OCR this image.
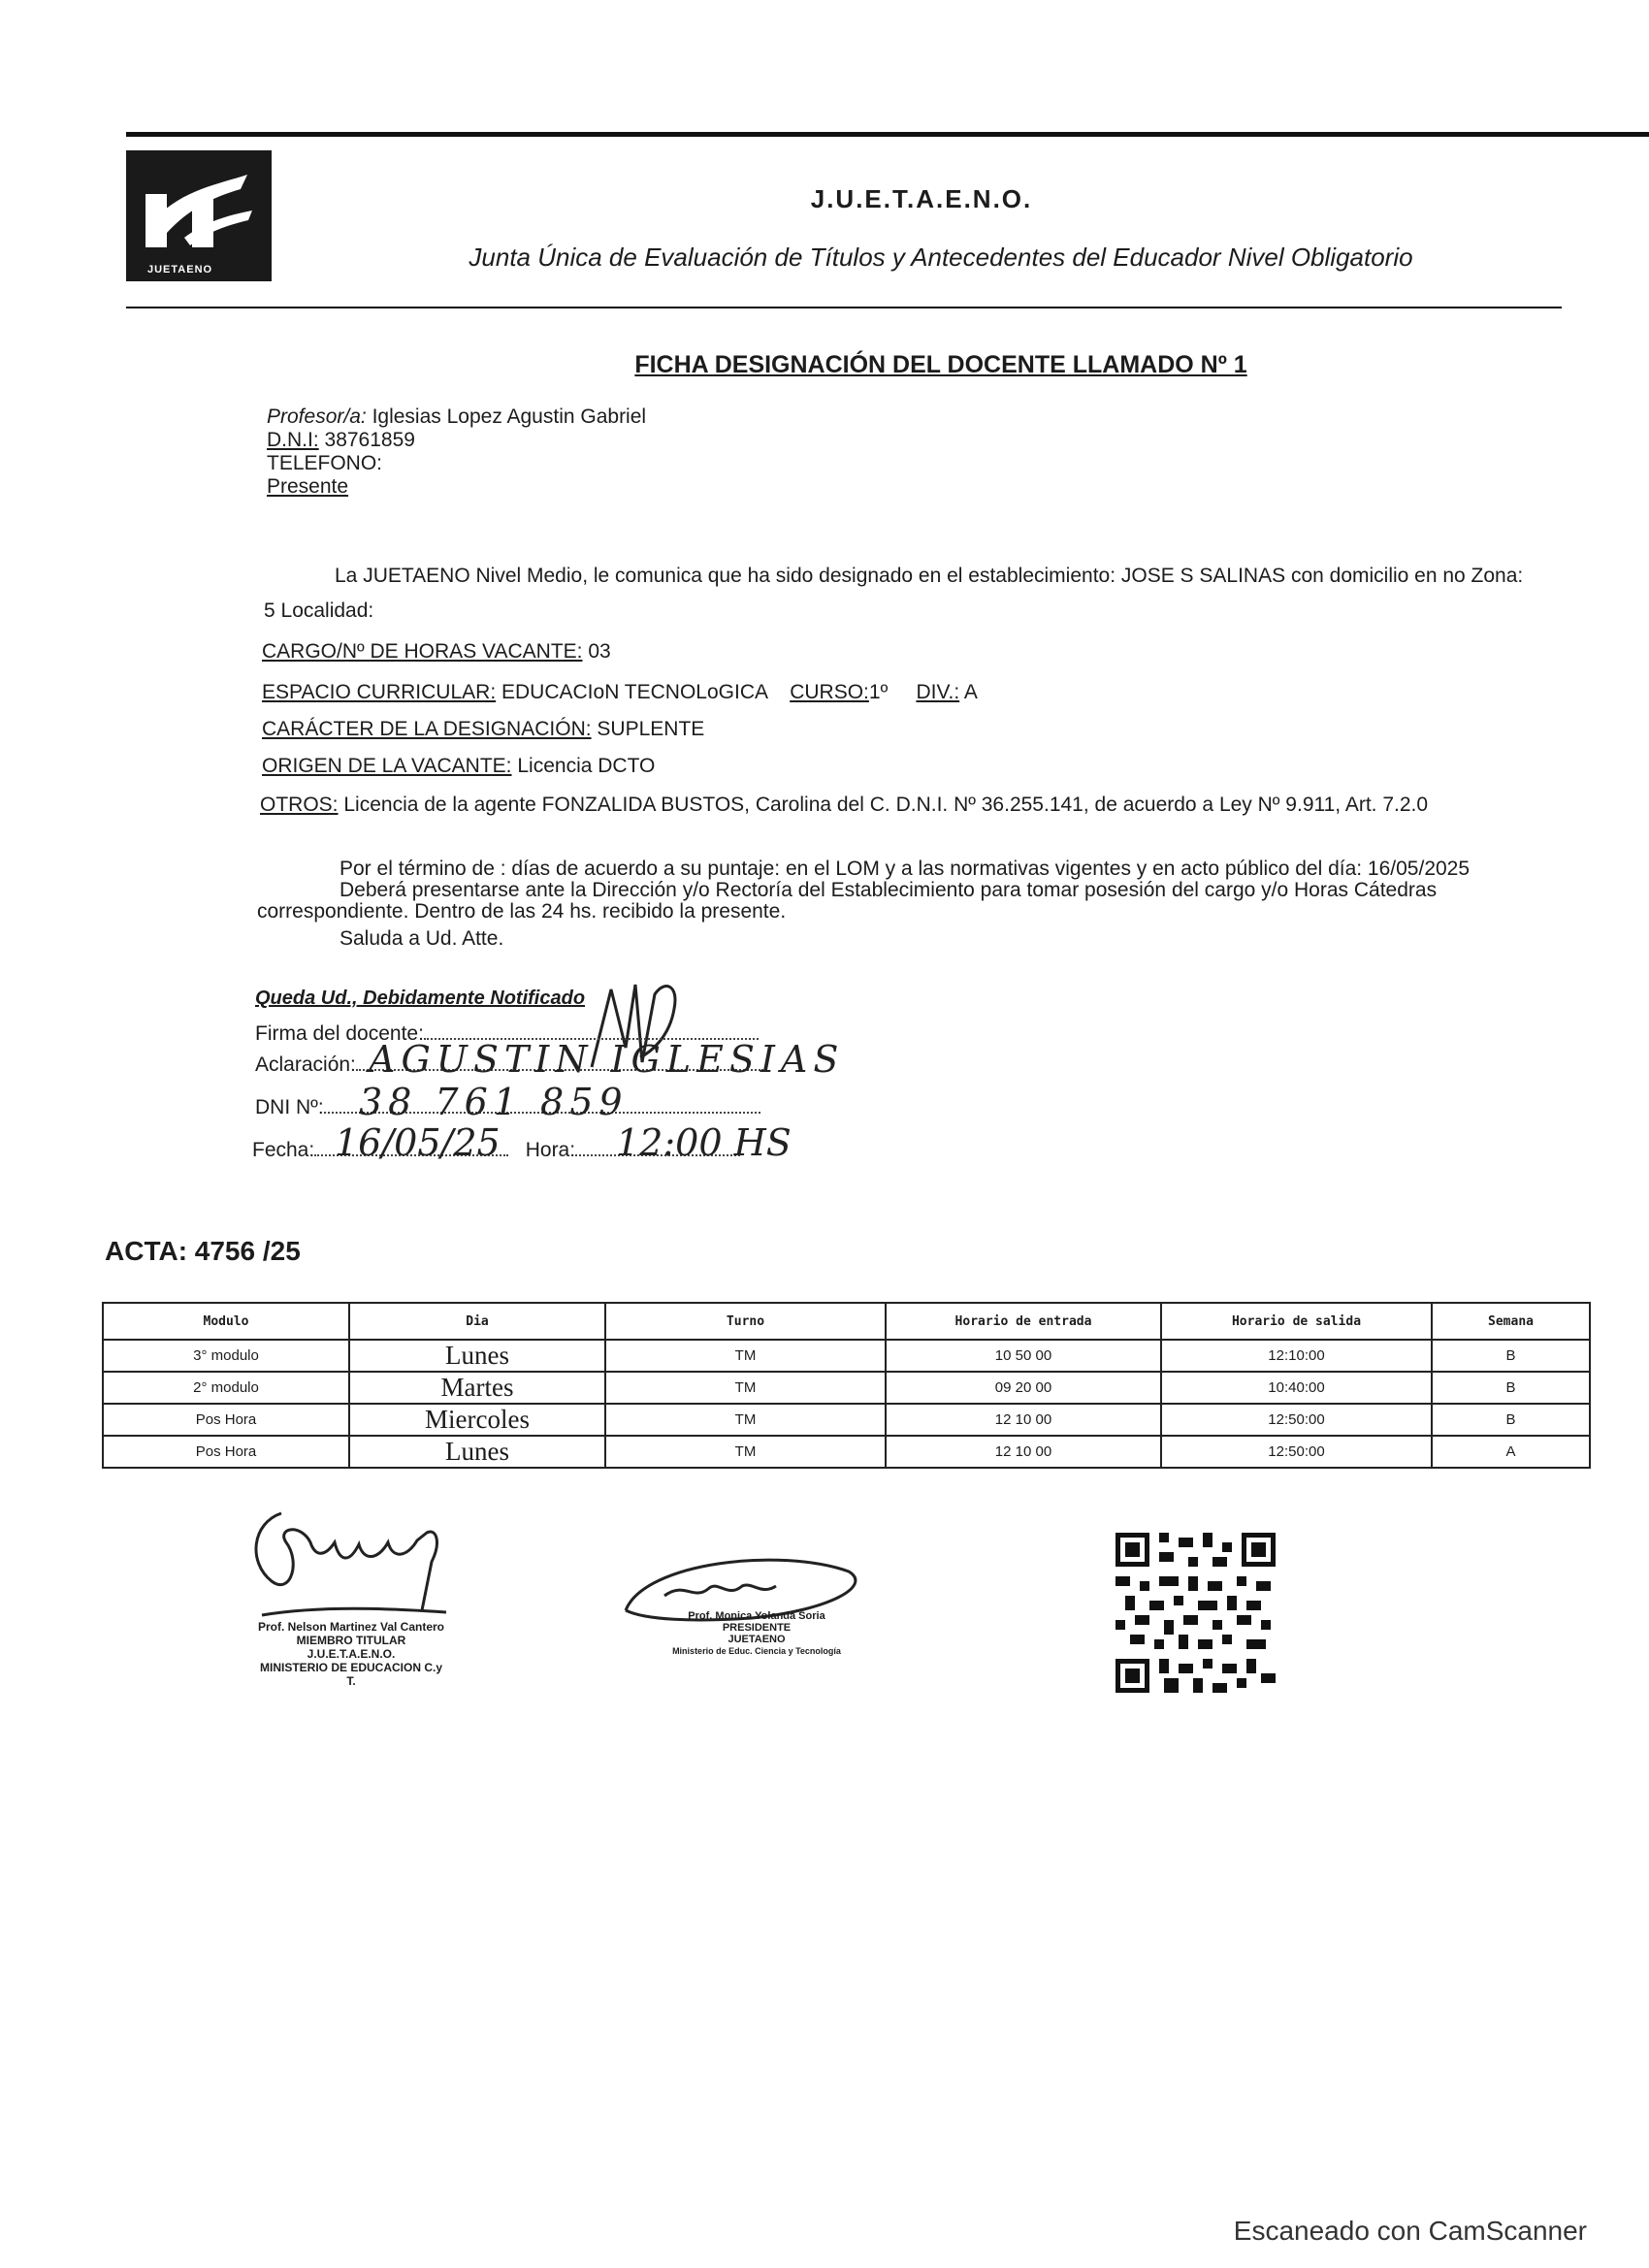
JUETAENO
J.U.E.T.A.E.N.O.
Junta Única de Evaluación de Títulos y Antecedentes del Educador Nivel Obligatorio
FICHA DESIGNACIÓN DEL DOCENTE LLAMADO Nº 1
Profesor/a: Iglesias Lopez Agustin Gabriel
D.N.I: 38761859
TELEFONO:
Presente
La JUETAENO Nivel Medio, le comunica que ha sido designado en el establecimiento: JOSE S SALINAS con domicilio en no Zona:
5 Localidad:
CARGO/Nº DE HORAS VACANTE: 03
ESPACIO CURRICULAR: EDUCACIoN TECNOLoGICA CURSO:1º DIV.: A
CARÁCTER DE LA DESIGNACIÓN: SUPLENTE
ORIGEN DE LA VACANTE: Licencia DCTO
OTROS: Licencia de la agente FONZALIDA BUSTOS, Carolina del C. D.N.I. Nº 36.255.141, de acuerdo a Ley Nº 9.911, Art. 7.2.0
Por el término de : días de acuerdo a su puntaje: en el LOM y a las normativas vigentes y en acto público del día: 16/05/2025
Deberá presentarse ante la Dirección y/o Rectoría del Establecimiento para tomar posesión del cargo y/o Horas Cátedras
correspondiente. Dentro de las 24 hs. recibido la presente.
Saluda a Ud. Atte.
Queda Ud., Debidamente Notificado
Firma del docente:
Aclaración: AGUSTIN IGLESIAS
DNI Nº: 38 761 859
Fecha:	Hora:
16/05/25	12:00 HS
ACTA: 4756 /25
Modulo	Dia	Turno	Horario de entrada	Horario de salida	Semana
3° modulo	Lunes	TM	10 50 00	12:10:00	B
2° modulo	Martes	TM	09 20 00	10:40:00	B
Pos Hora	Miercoles	TM	12 10 00	12:50:00	B
Pos Hora	Lunes	TM	12 10 00	12:50:00	A
Prof. Nelson Martinez Val Cantero
MIEMBRO TITULAR
J.U.E.T.A.E.N.O.
MINISTERIO DE EDUCACION C.y T.
Prof. Monica Yolanda Soria
PRESIDENTE
JUETAENO
Ministerio de Educ. Ciencia y Tecnología
Escaneado con CamScanner
